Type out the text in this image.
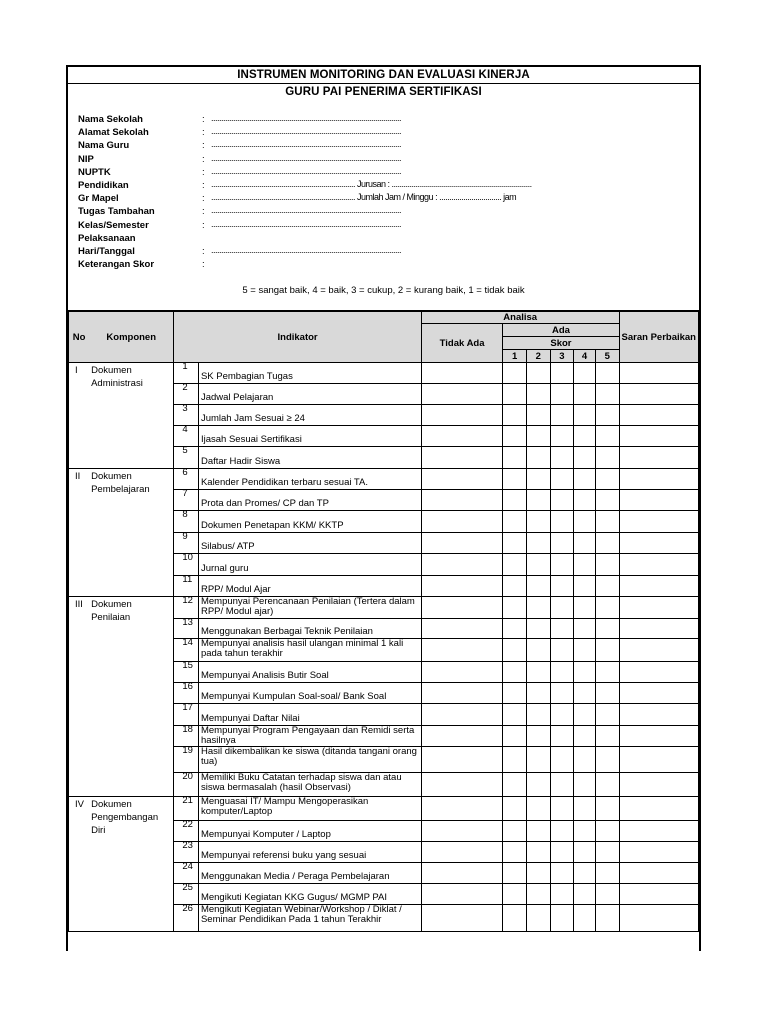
INSTRUMEN MONITORING DAN EVALUASI KINERJA
GURU PAI PENERIMA SERTIFIKASI
Nama Sekolah	: ...............................................................................................
Alamat Sekolah	: ...............................................................................................
Nama Guru	: ...............................................................................................
NIP	: ...............................................................................................
NUPTK	: ...............................................................................................
Pendidikan	: ........................................................................ Jurusan : ......................................................................
Gr Mapel	: ........................................................................ Jumlah Jam / Minggu : ............................... jam
Tugas Tambahan	: ...............................................................................................
Kelas/Semester	: ...............................................................................................
Pelaksanaan
Hari/Tanggal	: ...............................................................................................
Keterangan Skor	:
5 = sangat baik, 4 = baik, 3 = cukup, 2 = kurang baik, 1 = tidak baik
No	Komponen	Indikator		Analisa						Saran Perbaikan
				Tidak Ada	Ada					
					Skor					
					1	2	3	4	5	
I	Dokumen Administrasi	1	SK Pembagian Tugas							
		2	Jadwal Pelajaran							
		3	Jumlah Jam Sesuai ≥ 24							
		4	Ijasah Sesuai Sertifikasi							
		5	Daftar Hadir Siswa							
II	Dokumen Pembelajaran	6	Kalender Pendidikan terbaru sesuai TA.							
		7	Prota dan Promes/ CP dan TP							
		8	Dokumen Penetapan KKM/ KKTP							
		9	Silabus/ ATP							
		10	Jurnal guru							
		11	RPP/ Modul Ajar							
III	Dokumen Penilaian	12	Mempunyai Perencanaan Penilaian (Tertera dalam RPP/ Modul ajar)							
		13	Menggunakan Berbagai Teknik Penilaian							
		14	Mempunyai analisis hasil ulangan minimal 1 kali pada tahun terakhir							
		15	Mempunyai Analisis Butir Soal							
		16	Mempunyai Kumpulan Soal-soal/ Bank Soal							
		17	Mempunyai Daftar Nilai							
		18	Mempunyai Program Pengayaan dan Remidi serta hasilnya							
		19	Hasil dikembalikan ke siswa (ditanda tangani orang tua)							
		20	Memiliki Buku Catatan terhadap siswa dan atau siswa bermasalah (hasil Observasi)							
IV	Dokumen Pengembangan Diri	21	Menguasai IT/ Mampu Mengoperasikan komputer/Laptop							
		22	Mempunyai Komputer / Laptop							
		23	Mempunyai referensi buku yang sesuai							
		24	Menggunakan Media / Peraga Pembelajaran							
		25	Mengikuti Kegiatan KKG Gugus/ MGMP PAI							
		26	Mengikuti Kegiatan Webinar/Workshop / Diklat / Seminar Pendidikan Pada 1 tahun Terakhir							
